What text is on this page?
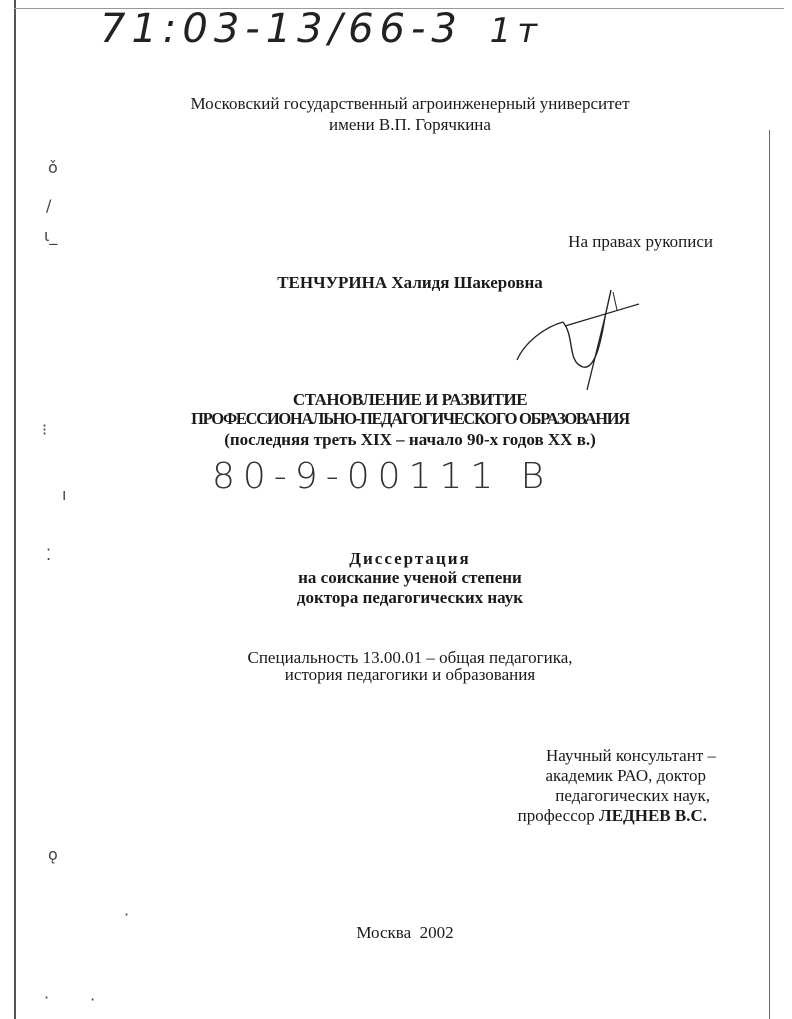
71:03-13/66-3 1т
Московский государственный агроинженерный университет
имени В.П. Горячкина
На правах рукописи
ТЕНЧУРИНА Халидя Шакеровна
СТАНОВЛЕНИЕ И РАЗВИТИЕ
ПРОФЕССИОНАЛЬНО-ПЕДАГОГИЧЕСКОГО ОБРАЗОВАНИЯ
(последняя треть XIX – начало 90-х годов XX в.)
80-9-00111 В
Диссертация
на соискание ученой степени
доктора педагогических наук
Специальность 13.00.01 – общая педагогика,
история педагогики и образования
Научный консультант –
академик РАО, доктор
педагогических наук,
профессор ЛЕДНЕВ В.С.
Москва  2002
ǒ
/
ι_
⁝
ı
⁚
ǫ
·	·
·
